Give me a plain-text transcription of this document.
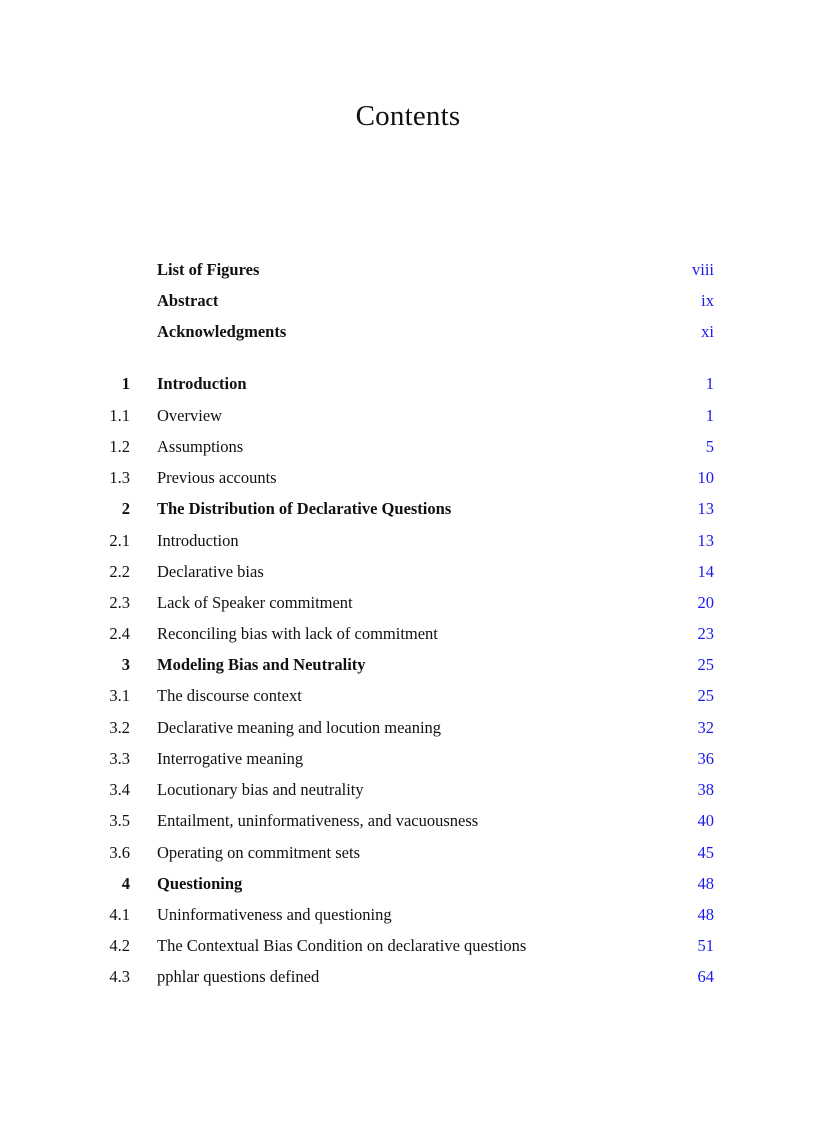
Contents
List of Figures	viii
Abstract	ix
Acknowledgments	xi
1 Introduction	1
1.1 Overview	1
1.2 Assumptions	5
1.3 Previous accounts	10
2 The Distribution of Declarative Questions	13
2.1 Introduction	13
2.2 Declarative bias	14
2.3 Lack of Speaker commitment	20
2.4 Reconciling bias with lack of commitment	23
3 Modeling Bias and Neutrality	25
3.1 The discourse context	25
3.2 Declarative meaning and locution meaning	32
3.3 Interrogative meaning	36
3.4 Locutionary bias and neutrality	38
3.5 Entailment, uninformativeness, and vacuousness	40
3.6 Operating on commitment sets	45
4 Questioning	48
4.1 Uninformativeness and questioning	48
4.2 The Contextual Bias Condition on declarative questions	51
4.3 pphlar questions defined	64
